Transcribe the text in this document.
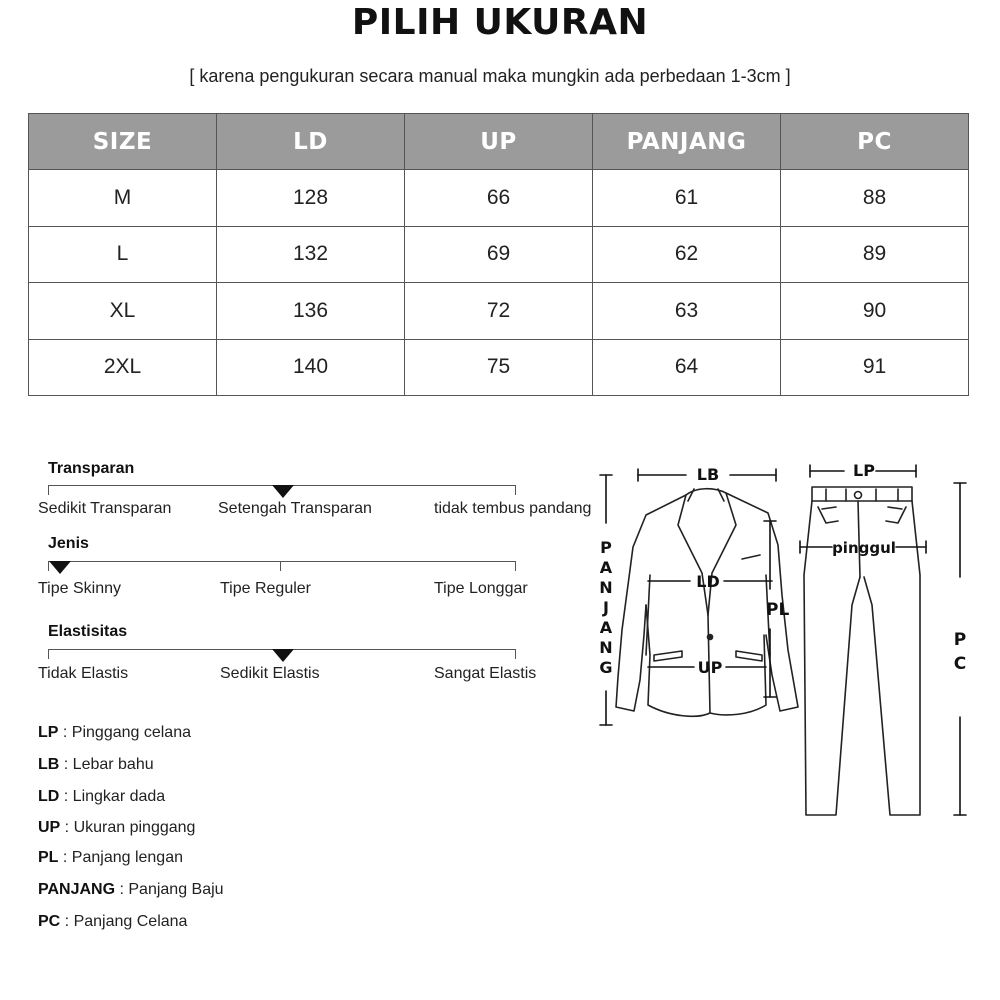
PILIH UKURAN
[ karena pengukuran secara manual maka mungkin ada perbedaan 1-3cm ]
SIZE	LD	UP	PANJANG	PC
M	128	66	61	88
L	132	69	62	89
XL	136	72	63	90
2XL	140	75	64	91
Transparan
Sedikit Transparan	Setengah Transparan	tidak tembus pandang
Jenis
Tipe Skinny	Tipe Reguler	Tipe Longgar
Elastisitas
Tidak Elastis	Sedikit Elastis	Sangat Elastis
LP : Pinggang celana
LB : Lebar bahu
LD : Lingkar dada
UP : Ukuran pinggang
PL : Panjang lengan
PANJANG : Panjang Baju
PC : Panjang Celana
LB	LP
LD
UP
PL
pinggul
P A N J A N G
P C
